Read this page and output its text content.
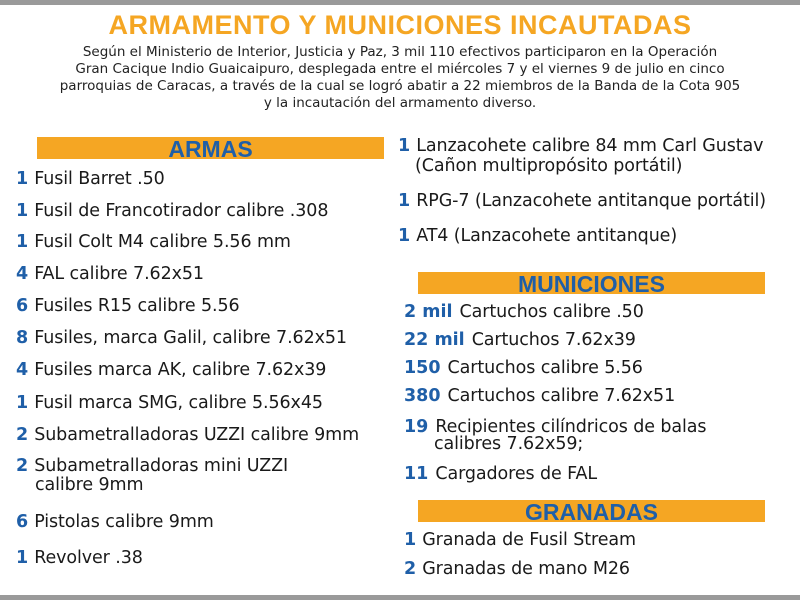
ARMAMENTO Y MUNICIONES INCAUTADAS
Según el Ministerio de Interior, Justicia y Paz, 3 mil 110 efectivos participaron en la Operación
Gran Cacique Indio Guaicaipuro, desplegada entre el miércoles 7 y el viernes 9 de julio en cinco
parroquias de Caracas, a través de la cual se logró abatir a 22 miembros de la Banda de la Cota 905
y la incautación del armamento diverso.
ARMAS
1 Fusil Barret .50
1 Fusil de Francotirador calibre .308
1 Fusil Colt M4 calibre 5.56 mm
4 FAL calibre 7.62x51
6 Fusiles R15 calibre 5.56
8 Fusiles, marca Galil, calibre 7.62x51
4 Fusiles marca AK, calibre 7.62x39
1 Fusil marca SMG, calibre 5.56x45
2 Subametralladoras UZZI calibre 9mm
2 Subametralladoras mini UZZI
calibre 9mm
6 Pistolas calibre 9mm
1 Revolver .38
1 Lanzacohete calibre 84 mm Carl Gustav
(Cañon multipropósito portátil)
1 RPG-7 (Lanzacohete antitanque portátil)
1 AT4 (Lanzacohete antitanque)
MUNICIONES
2 mil Cartuchos calibre .50
22 mil Cartuchos 7.62x39
150 Cartuchos calibre 5.56
380 Cartuchos calibre 7.62x51
19 Recipientes cilíndricos de balas
calibres 7.62x59;
11 Cargadores de FAL
GRANADAS
1 Granada de Fusil Stream
2 Granadas de mano M26
